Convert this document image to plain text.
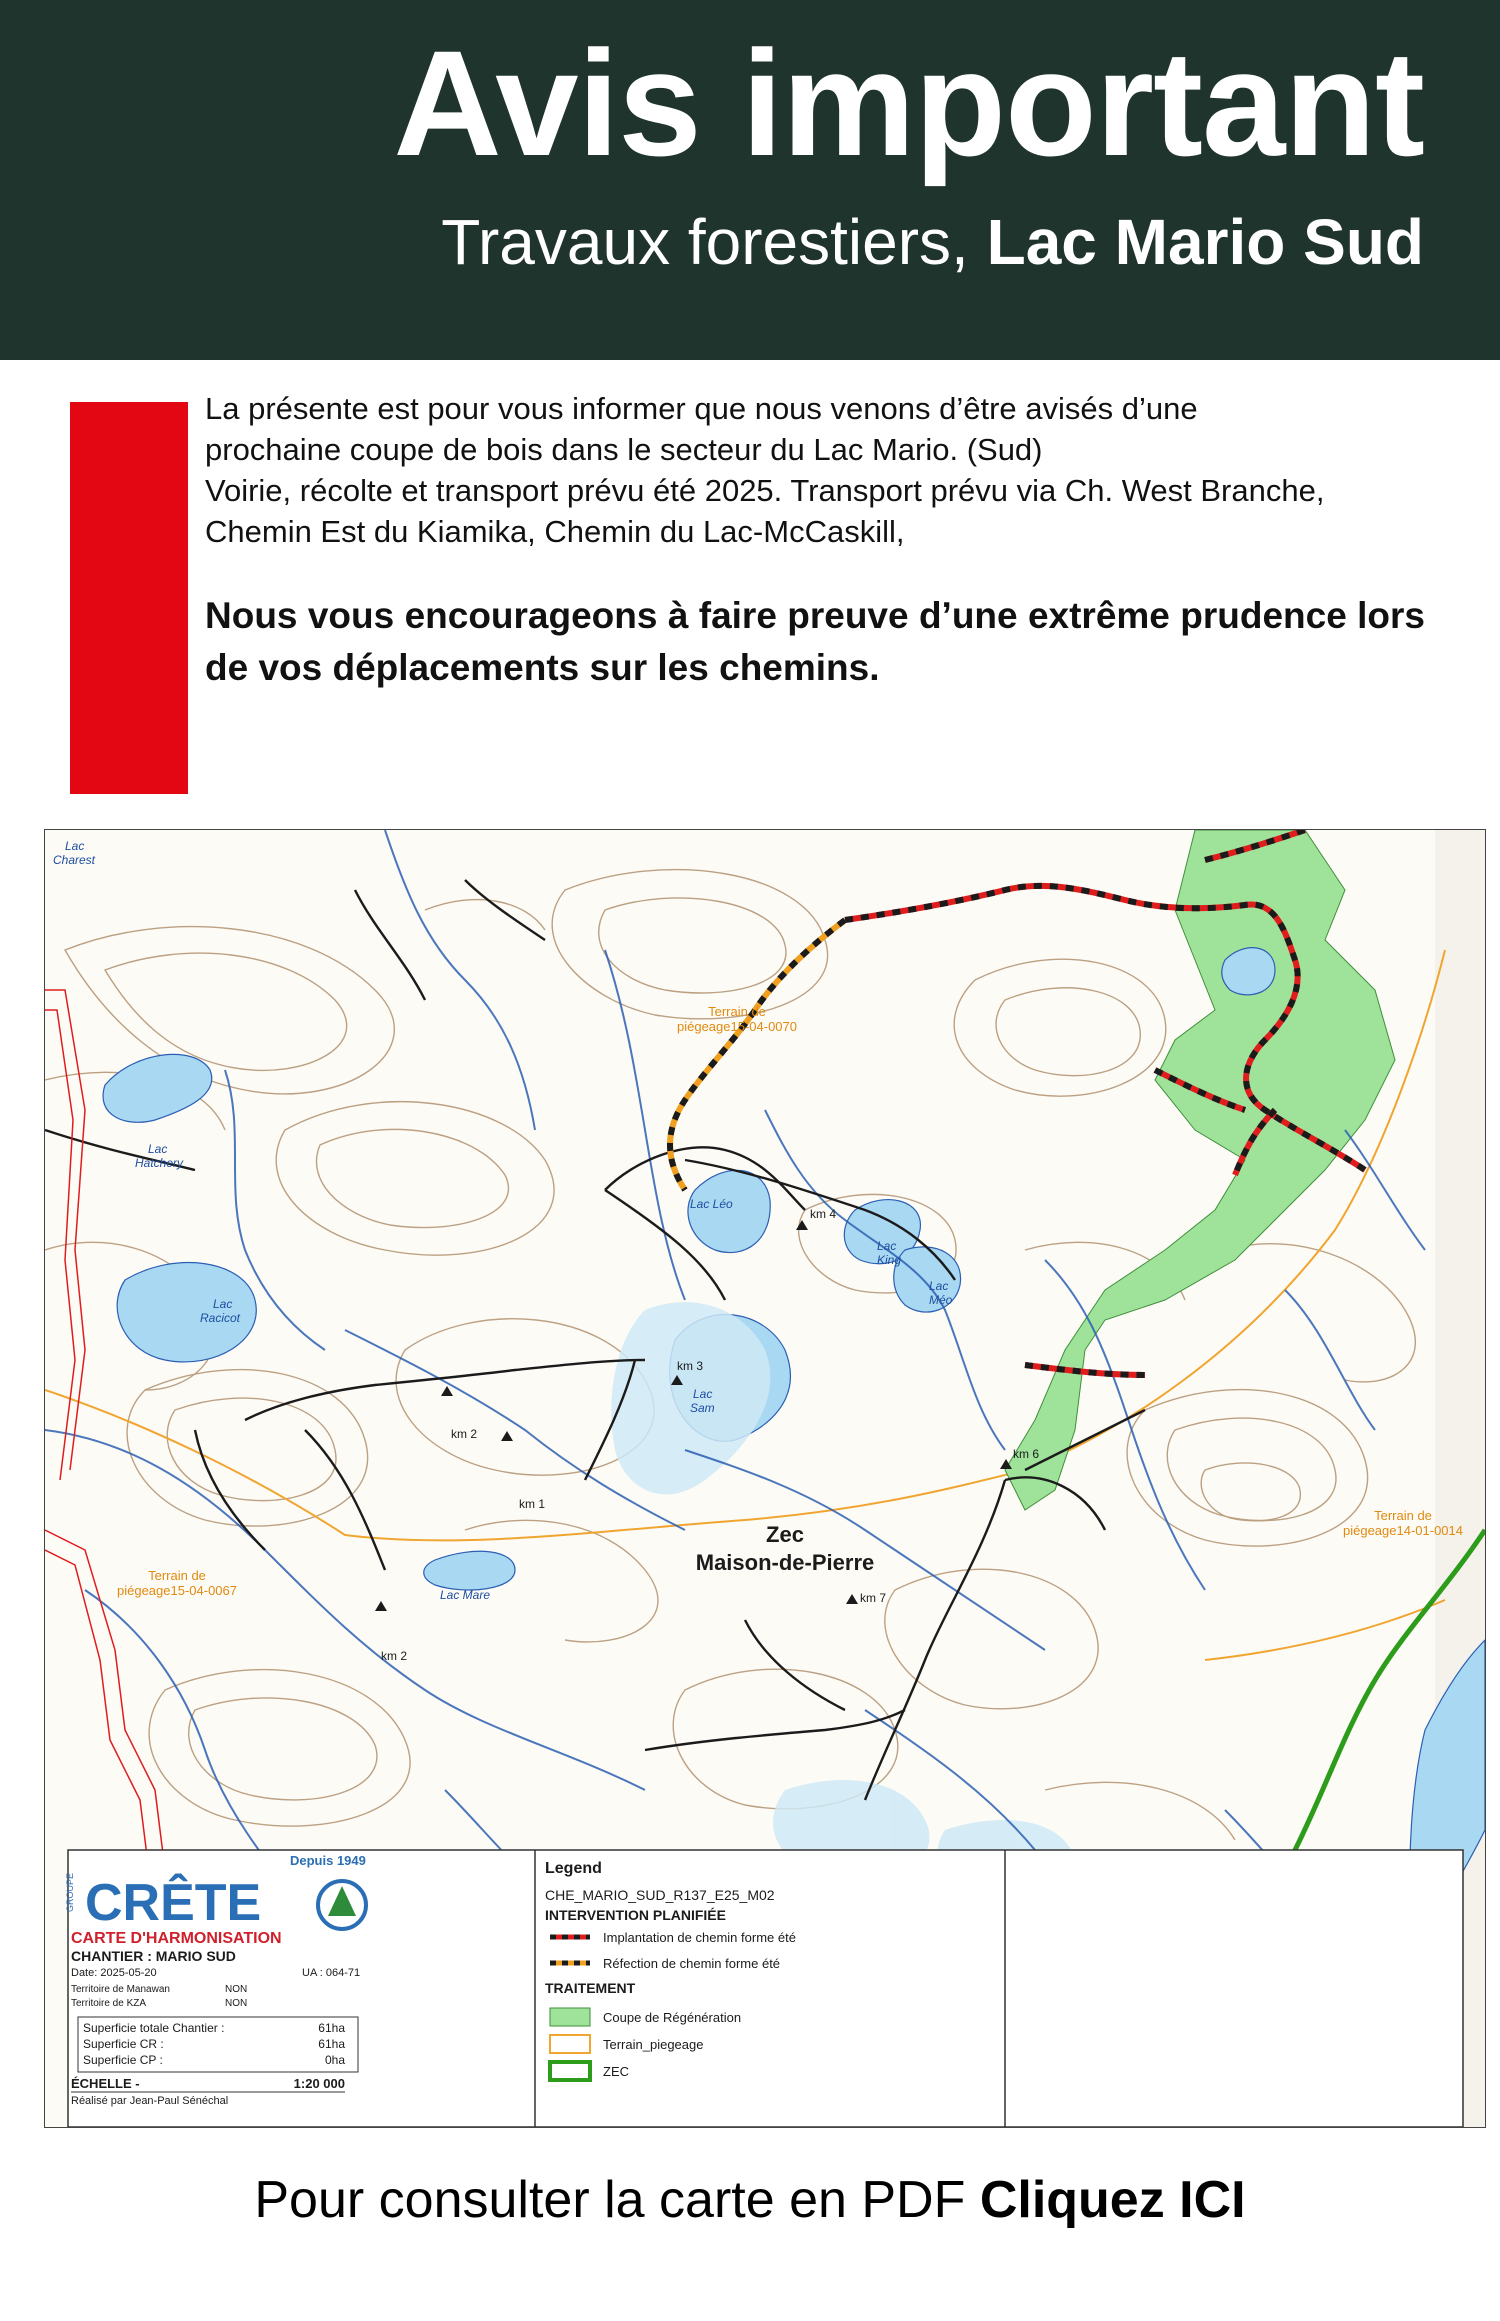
Avis important
Travaux forestiers, Lac Mario Sud

La présente est pour vous informer que nous venons d’être avisés d’une

prochaine coupe de bois dans le secteur du Lac Mario. (Sud)

Voirie, récolte et transport prévu été 2025. Transport prévu via Ch. West Branche,

Chemin Est du Kiamika, Chemin du Lac-McCaskill,

Nous vous encourageons à faire preuve d’une extrême prudence lors de vos déplacements sur les chemins.

Lac
Charest
Lac
Hatchery
Lac
Racicot
Lac Léo
Lac
King
Lac
Méo
Lac
Sam
Lac Mare
km 1
km 2
km 2
km 3
km 4
km 6
km 7
Zec
Maison-de-Pierre
Terrain de
piégeage15-04-0070
Terrain de
piégeage15-04-0067
Terrain de
piégeage14-01-0014
GROUPE CRÊTE
Depuis 1949
CARTE D'HARMONISATION
CHANTIER : MARIO SUD
Date: 2025-05-20	UA : 064-71
Territoire de Manawan	NON
Territoire de KZA	NON
Superficie totale Chantier :	61ha
Superficie CR :	61ha
Superficie CP :	0ha
ÉCHELLE -	1:20 000
Réalisé par Jean-Paul Sénéchal
Legend
CHE_MARIO_SUD_R137_E25_M02
INTERVENTION PLANIFIÉE
Implantation de chemin forme été
Réfection de chemin forme été
TRAITEMENT
Coupe de Régénération
Terrain_piegeage
ZEC
Pour consulter la carte en PDF Cliquez ICI
